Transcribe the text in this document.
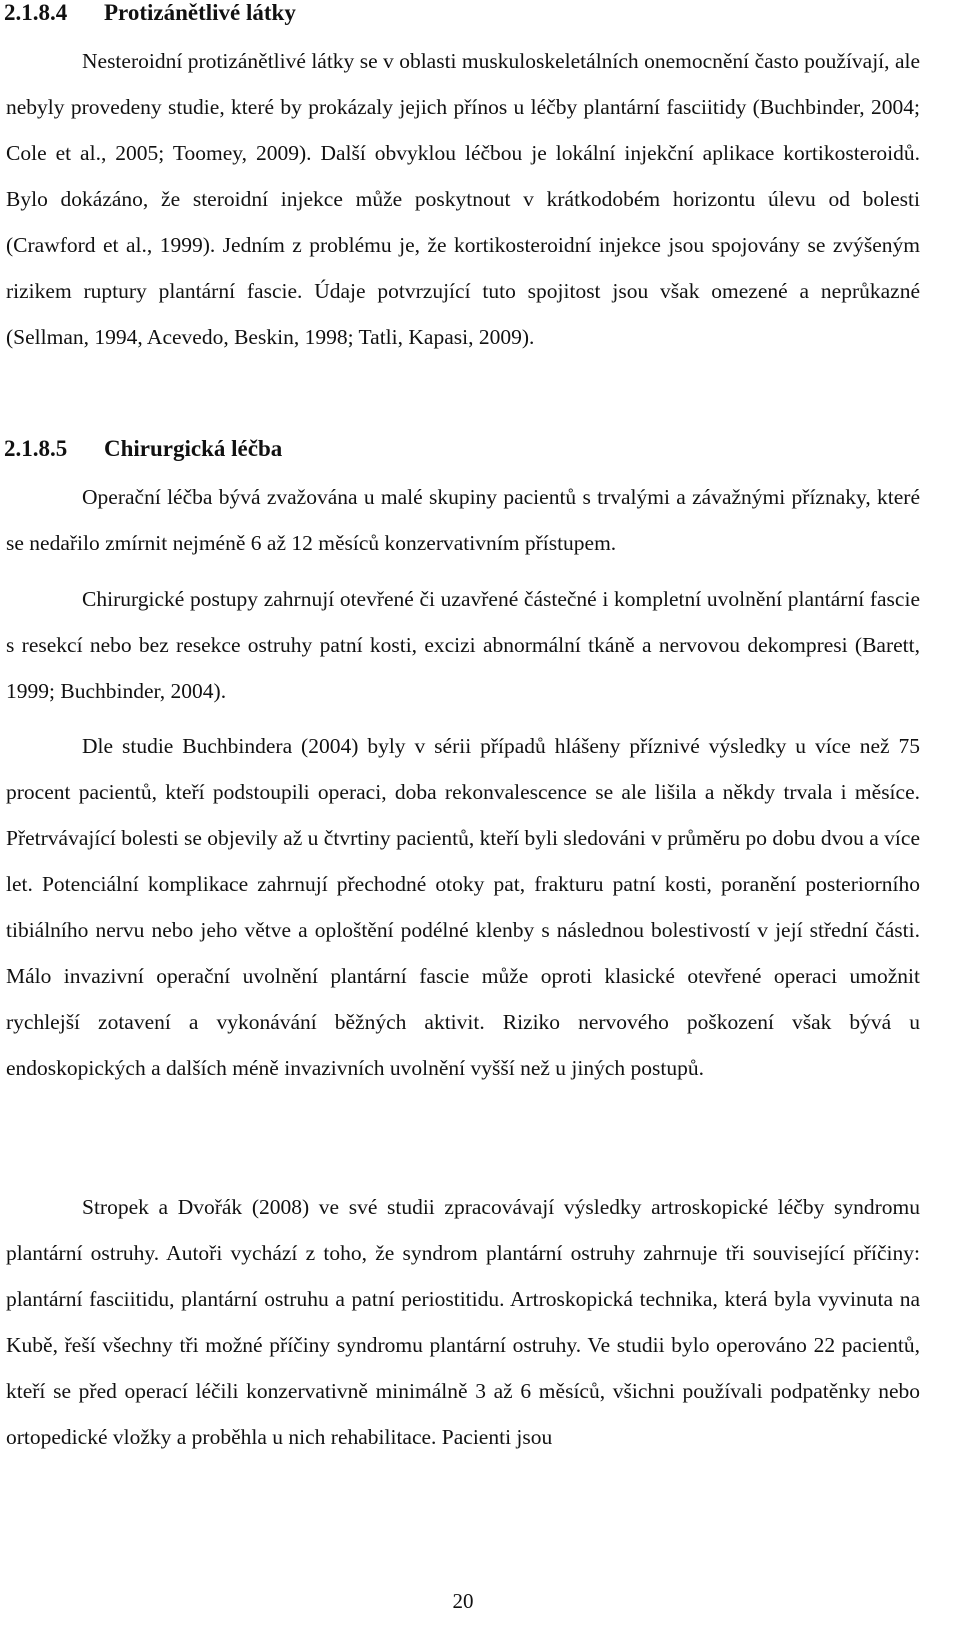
2.1.8.4 Protizánětlivé látky

Nesteroidní protizánětlivé látky se v oblasti muskuloskeletálních onemocnění často používají, ale nebyly provedeny studie, které by prokázaly jejich přínos u léčby plantární fasciitidy (Buchbinder, 2004; Cole et al., 2005; Toomey, 2009). Další obvyklou léčbou je lokální injekční aplikace kortikosteroidů. Bylo dokázáno, že steroidní injekce může poskytnout v krátkodobém horizontu úlevu od bolesti (Crawford et al., 1999). Jedním z problému je, že kortikosteroidní injekce jsou spojovány se zvýšeným rizikem ruptury plantární fascie. Údaje potvrzující tuto spojitost jsou však omezené a neprůkazné (Sellman, 1994, Acevedo, Beskin, 1998; Tatli, Kapasi, 2009).

2.1.8.5 Chirurgická léčba

Operační léčba bývá zvažována u malé skupiny pacientů s trvalými a závažnými příznaky, které se nedařilo zmírnit nejméně 6 až 12 měsíců konzervativním přístupem.

Chirurgické postupy zahrnují otevřené či uzavřené částečné i kompletní uvolnění plantární fascie s resekcí nebo bez resekce ostruhy patní kosti, excizi abnormální tkáně a nervovou dekompresi (Barett, 1999; Buchbinder, 2004).

Dle studie Buchbindera (2004) byly v sérii případů hlášeny příznivé výsledky u více než 75 procent pacientů, kteří podstoupili operaci, doba rekonvalescence se ale lišila a někdy trvala i měsíce. Přetrvávající bolesti se objevily až u čtvrtiny pacientů, kteří byli sledováni v průměru po dobu dvou a více let. Potenciální komplikace zahrnují přechodné otoky pat, frakturu patní kosti, poranění posteriorního tibiálního nervu nebo jeho větve a oploštění podélné klenby s následnou bolestivostí v její střední části. Málo invazivní operační uvolnění plantární fascie může oproti klasické otevřené operaci umožnit rychlejší zotavení a vykonávání běžných aktivit. Riziko nervového poškození však bývá u endoskopických a dalších méně invazivních uvolnění vyšší než u jiných postupů.

Stropek a Dvořák (2008) ve své studii zpracovávají výsledky artroskopické léčby syndromu plantární ostruhy. Autoři vychází z toho, že syndrom plantární ostruhy zahrnuje tři související příčiny: plantární fasciitidu, plantární ostruhu a patní periostitidu. Artroskopická technika, která byla vyvinuta na Kubě, řeší všechny tři možné příčiny syndromu plantární ostruhy. Ve studii bylo operováno 22 pacientů, kteří se před operací léčili konzervativně minimálně 3 až 6 měsíců, všichni používali podpatěnky nebo ortopedické vložky a proběhla u nich rehabilitace. Pacienti jsou

20
